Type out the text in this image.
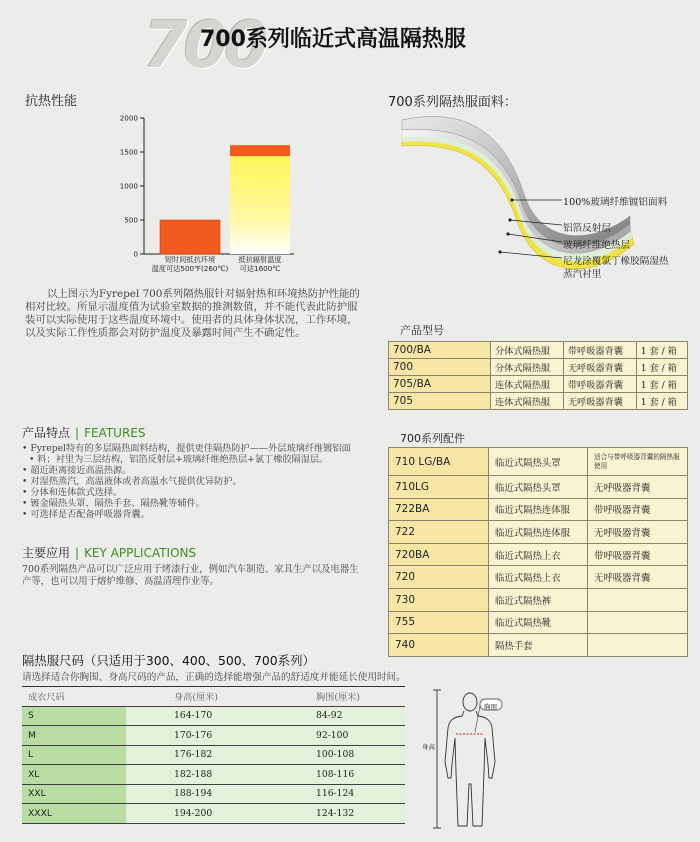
700
700系列临近式高温隔热服
抗热性能
0
500
1000
1500
2000
短时间抵抗环境
温度可达500℉(260℃)
抵抗辐射温度
可达1600℃
以上图示为Fyrepel 700系列隔热服针对辐射热和环境热防护性能的相对比较。所显示温度值为试验室数据的推测数值，并不能代表此防护服装可以实际使用于这些温度环境中。使用者的具体身体状况，工作环境，以及实际工作性质都会对防护温度及暴露时间产生不确定性。
700系列隔热服面料：
100%玻璃纤维镀铝面料
铝箔反射层
玻璃纤维绝热层
尼龙涂覆氯丁橡胶隔湿热
蒸汽衬里
产品型号
700/BA	分体式隔热服	带呼吸器背囊	1 套 / 箱
700	分体式隔热服	无呼吸器背囊	1 套 / 箱
705/BA	连体式隔热服	带呼吸器背囊	1 套 / 箱
705	连体式隔热服	无呼吸器背囊	1 套 / 箱
产品特点 | FEATURES
• Fyrepel特有的多层隔热面料结构，提供更佳隔热防护——外层玻璃纤维镀铝面
• 料；衬里为三层结构，铝箔反射层+玻璃纤维绝热层+氯丁橡胶隔湿层。
• 超近距离接近高温热源。
• 对湿热蒸汽，高温液体或者高温水气提供优异防护。
• 分体和连体款式选择。
• 镀金隔热头罩、隔热手套、隔热靴等辅件。
• 可选择是否配备呼吸器背囊。
主要应用 | KEY APPLICATIONS
700系列隔热产品可以广泛应用于烤漆行业，例如汽车制造、家具生产以及电器生产等，也可以用于熔炉维修、高温清理作业等。
700系列配件
710 LG/BA	临近式隔热头罩	适合与带呼吸器背囊的隔热服使用
710LG	临近式隔热头罩	无呼吸器背囊
722BA	临近式隔热连体服	带呼吸器背囊
722	临近式隔热连体服	无呼吸器背囊
720BA	临近式隔热上衣	带呼吸器背囊
720	临近式隔热上衣	无呼吸器背囊
730	临近式隔热裤	
755	临近式隔热靴	
740	隔热手套	
隔热服尺码（只适用于300、400、500、700系列）
请选择适合你胸围、身高尺码的产品，正确的选择能增强产品的舒适度并能延长使用时间。
成衣尺码	身高(厘米)	胸围(厘米)
S	164-170	84-92
M	170-176	92-100
L	176-182	100-108
XL	182-188	108-116
XXL	188-194	116-124
XXXL	194-200	124-132
胸围
身高
